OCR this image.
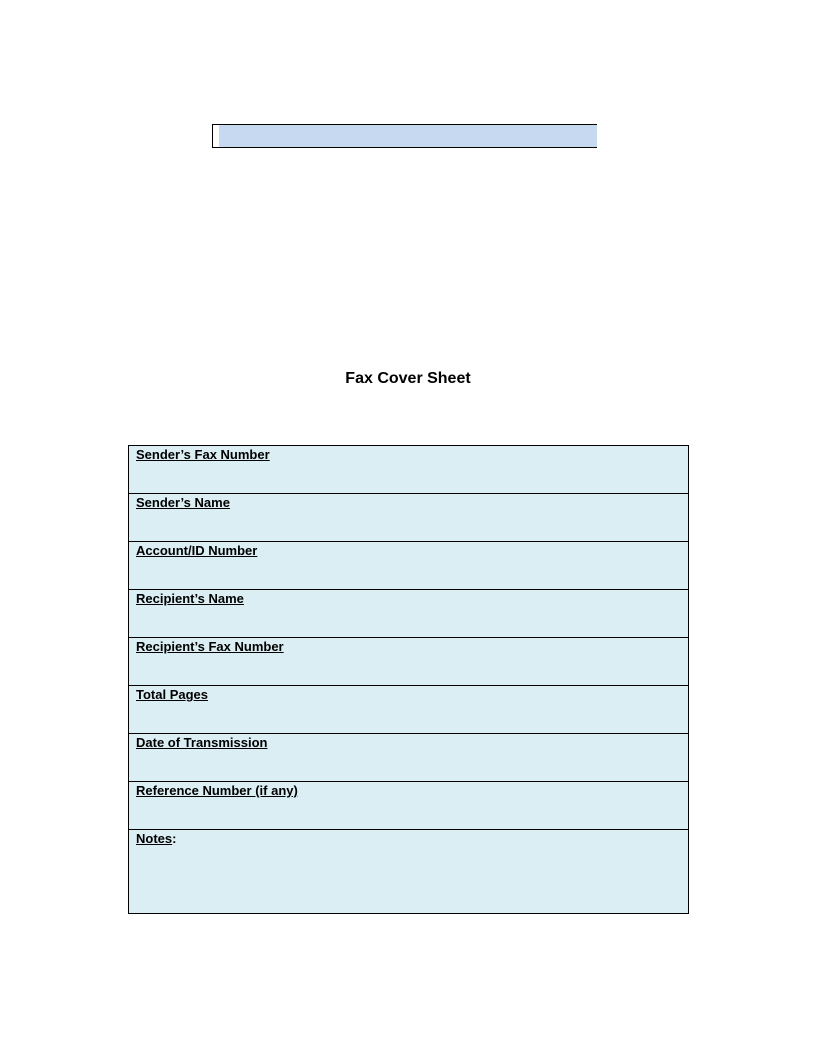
Fax Cover Sheet
Sender’s Fax Number
Sender’s Name
Account/ID Number
Recipient’s Name
Recipient’s Fax Number
Total Pages
Date of Transmission
Reference Number (if any)
Notes:
